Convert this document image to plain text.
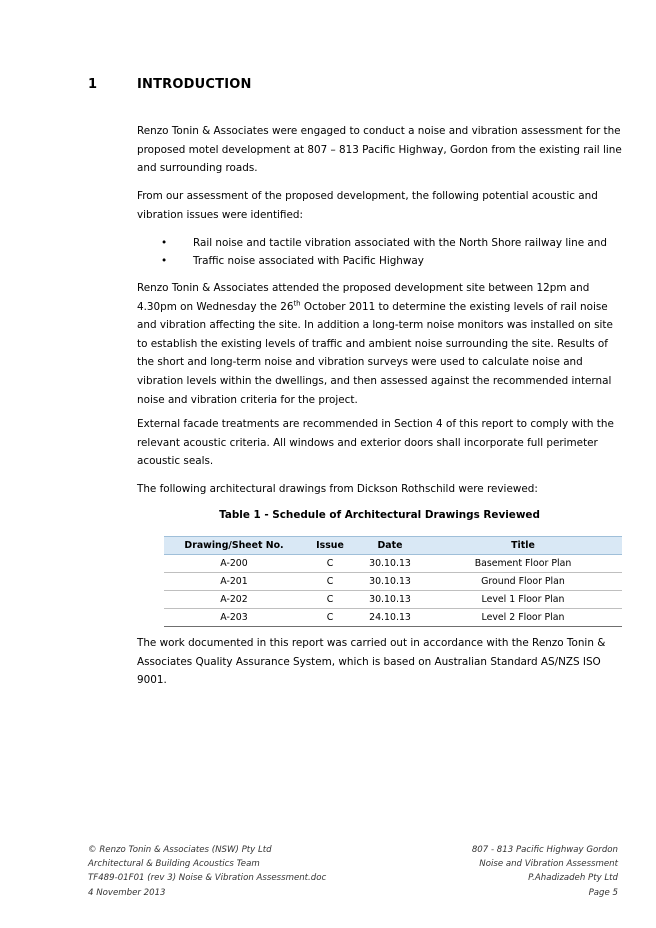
1	INTRODUCTION

Renzo Tonin & Associates were engaged to conduct a noise and vibration assessment for the proposed motel development at 807 – 813 Pacific Highway, Gordon from the existing rail line and surrounding roads.

From our assessment of the proposed development, the following potential acoustic and vibration issues were identified:

• Rail noise and tactile vibration associated with the North Shore railway line and
• Traffic noise associated with Pacific Highway

Renzo Tonin & Associates attended the proposed development site between 12pm and 4.30pm on Wednesday the 26th October 2011 to determine the existing levels of rail noise and vibration affecting the site. In addition a long-term noise monitors was installed on site to establish the existing levels of traffic and ambient noise surrounding the site. Results of the short and long-term noise and vibration surveys were used to calculate noise and vibration levels within the dwellings, and then assessed against the recommended internal noise and vibration criteria for the project.

External facade treatments are recommended in Section 4 of this report to comply with the relevant acoustic criteria. All windows and exterior doors shall incorporate full perimeter acoustic seals.

The following architectural drawings from Dickson Rothschild were reviewed:

Table 1 - Schedule of Architectural Drawings Reviewed
Drawing/Sheet No.	Issue	Date	Title
A-200	C	30.10.13	Basement Floor Plan
A-201	C	30.10.13	Ground Floor Plan
A-202	C	30.10.13	Level 1 Floor Plan
A-203	C	24.10.13	Level 2 Floor Plan

The work documented in this report was carried out in accordance with the Renzo Tonin & Associates Quality Assurance System, which is based on Australian Standard AS/NZS ISO 9001.

© Renzo Tonin & Associates (NSW) Pty Ltd
Architectural & Building Acoustics Team
TF489-01F01 (rev 3) Noise & Vibration Assessment.doc
4 November 2013
807 - 813 Pacific Highway Gordon
Noise and Vibration Assessment
P.Ahadizadeh Pty Ltd
Page 5
